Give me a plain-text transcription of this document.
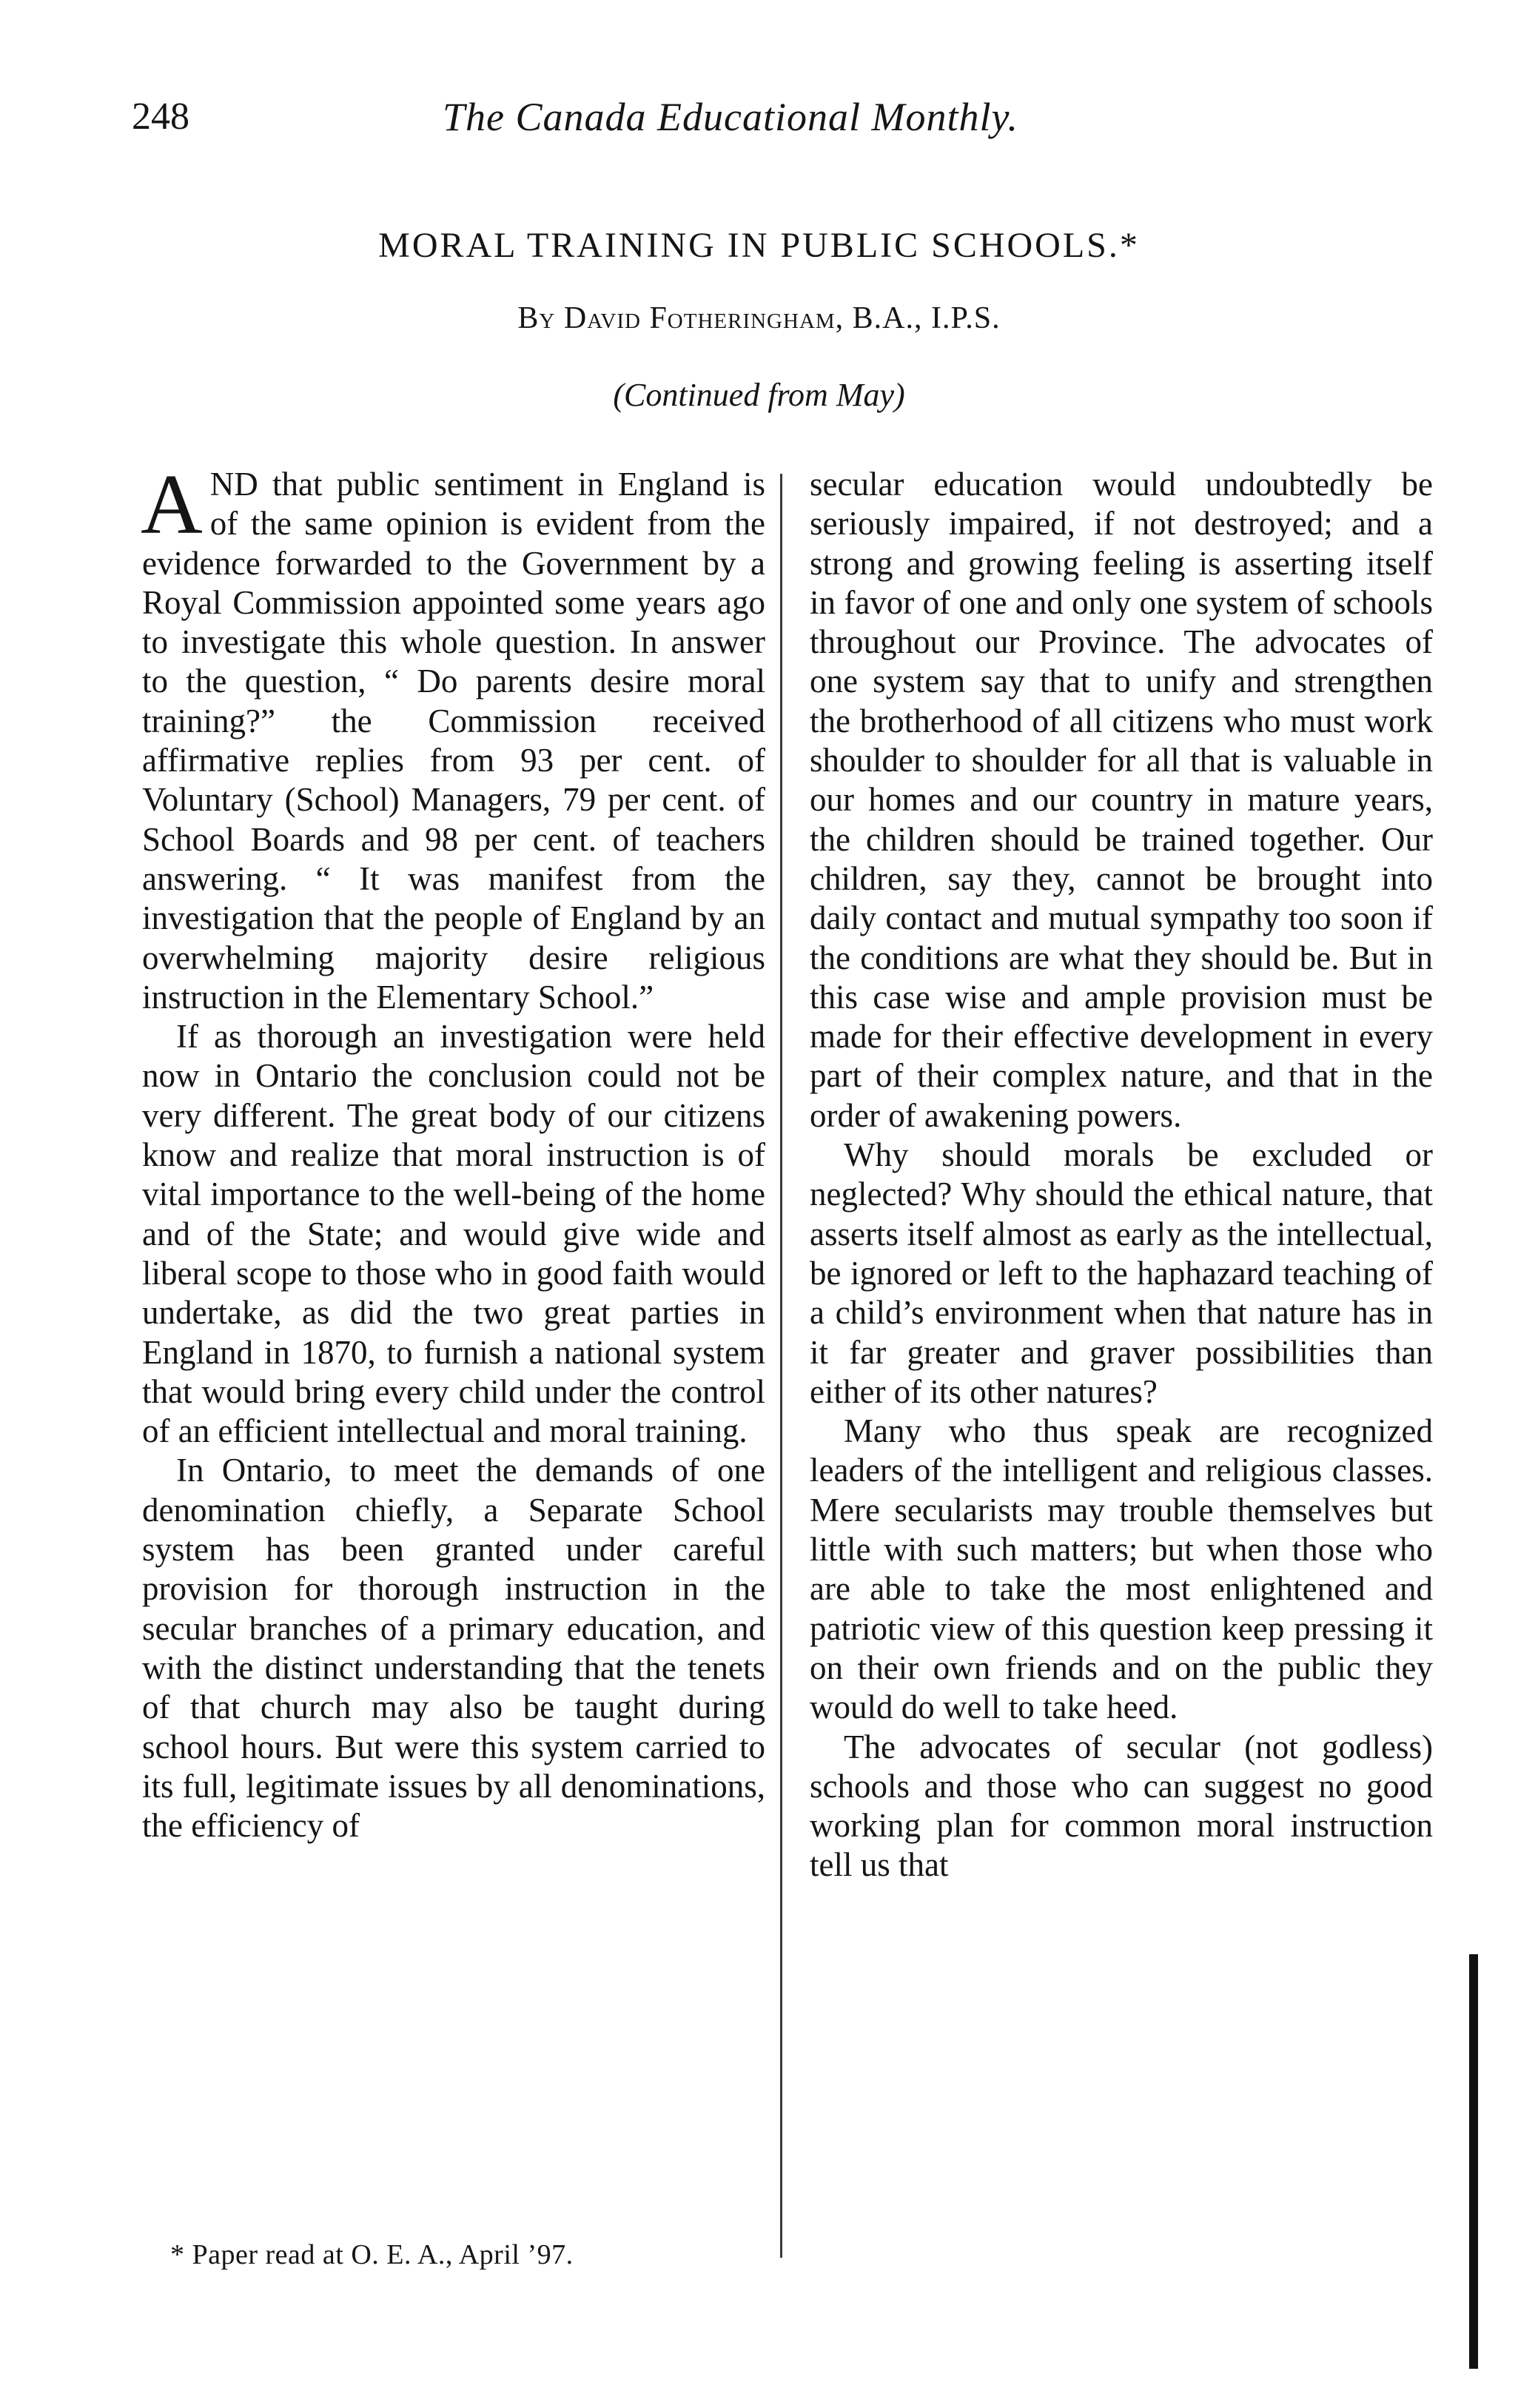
248	The Canada Educational Monthly.
MORAL TRAINING IN PUBLIC SCHOOLS.*
By David Fotheringham, B.A., I.P.S.
(Continued from May)

AND that public sentiment in England is of the same opinion is evident from the evidence forwarded to the Government by a Royal Commission appointed some years ago to investigate this whole question. In answer to the question, “ Do parents desire moral training?” the Commission received affirmative replies from 93 per cent. of Voluntary (School) Managers, 79 per cent. of School Boards and 98 per cent. of teachers answering. “ It was manifest from the investigation that the people of England by an overwhelming majority desire religious instruction in the Elementary School.”

If as thorough an investigation were held now in Ontario the conclusion could not be very different. The great body of our citizens know and realize that moral instruction is of vital importance to the well-being of the home and of the State; and would give wide and liberal scope to those who in good faith would undertake, as did the two great parties in England in 1870, to furnish a national system that would bring every child under the control of an efficient intellectual and moral training.

In Ontario, to meet the demands of one denomination chiefly, a Separate School system has been granted under careful provision for thorough instruction in the secular branches of a primary education, and with the distinct understanding that the tenets of that church may also be taught during school hours. But were this system carried to its full, legitimate issues by all denominations, the efficiency of

secular education would undoubtedly be seriously impaired, if not destroyed; and a strong and growing feeling is asserting itself in favor of one and only one system of schools throughout our Province. The advocates of one system say that to unify and strengthen the brotherhood of all citizens who must work shoulder to shoulder for all that is valuable in our homes and our country in mature years, the children should be trained together. Our children, say they, cannot be brought into daily contact and mutual sympathy too soon if the conditions are what they should be. But in this case wise and ample provision must be made for their effective development in every part of their complex nature, and that in the order of awakening powers.

Why should morals be excluded or neglected? Why should the ethical nature, that asserts itself almost as early as the intellectual, be ignored or left to the haphazard teaching of a child’s environment when that nature has in it far greater and graver possibilities than either of its other natures?

Many who thus speak are recognized leaders of the intelligent and religious classes. Mere secularists may trouble themselves but little with such matters; but when those who are able to take the most enlightened and patriotic view of this question keep pressing it on their own friends and on the public they would do well to take heed.

The advocates of secular (not godless) schools and those who can suggest no good working plan for common moral instruction tell us that

* Paper read at O. E. A., April ’97.
